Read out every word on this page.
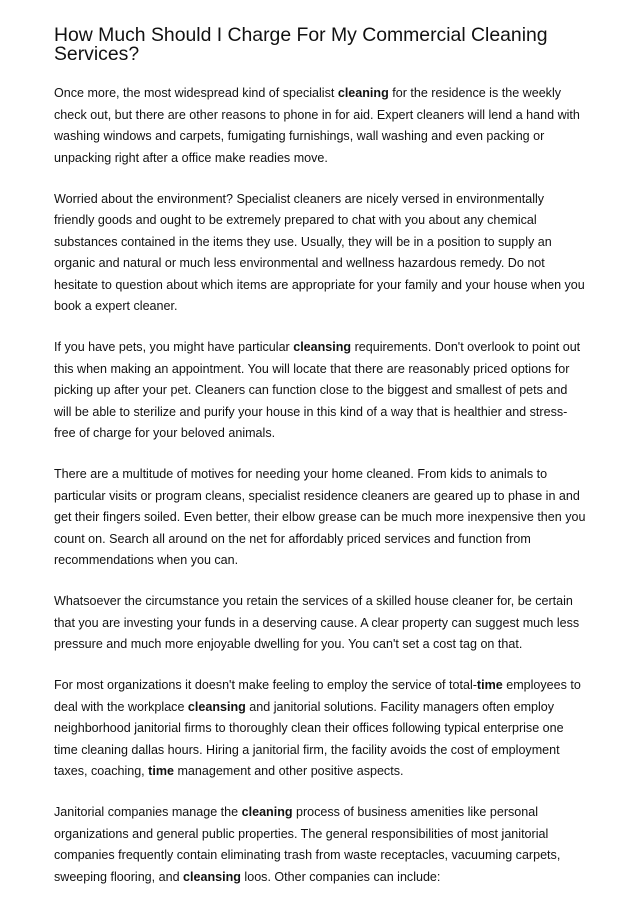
How Much Should I Charge For My Commercial Cleaning Services?

Once more, the most widespread kind of specialist cleaning for the residence is the weekly check out, but there are other reasons to phone in for aid. Expert cleaners will lend a hand with washing windows and carpets, fumigating furnishings, wall washing and even packing or unpacking right after a office make readies move.

Worried about the environment? Specialist cleaners are nicely versed in environmentally friendly goods and ought to be extremely prepared to chat with you about any chemical substances contained in the items they use. Usually, they will be in a position to supply an organic and natural or much less environmental and wellness hazardous remedy. Do not hesitate to question about which items are appropriate for your family and your house when you book a expert cleaner.

If you have pets, you might have particular cleansing requirements. Don't overlook to point out this when making an appointment. You will locate that there are reasonably priced options for picking up after your pet. Cleaners can function close to the biggest and smallest of pets and will be able to sterilize and purify your house in this kind of a way that is healthier and stress-free of charge for your beloved animals.

There are a multitude of motives for needing your home cleaned. From kids to animals to particular visits or program cleans, specialist residence cleaners are geared up to phase in and get their fingers soiled. Even better, their elbow grease can be much more inexpensive then you count on. Search all around on the net for affordably priced services and function from recommendations when you can.

Whatsoever the circumstance you retain the services of a skilled house cleaner for, be certain that you are investing your funds in a deserving cause. A clear property can suggest much less pressure and much more enjoyable dwelling for you. You can't set a cost tag on that.

For most organizations it doesn't make feeling to employ the service of total-time employees to deal with the workplace cleansing and janitorial solutions. Facility managers often employ neighborhood janitorial firms to thoroughly clean their offices following typical enterprise one time cleaning dallas hours. Hiring a janitorial firm, the facility avoids the cost of employment taxes, coaching, time management and other positive aspects.

Janitorial companies manage the cleaning process of business amenities like personal organizations and general public properties. The general responsibilities of most janitorial companies frequently contain eliminating trash from waste receptacles, vacuuming carpets, sweeping flooring, and cleansing loos. Other companies can include:
